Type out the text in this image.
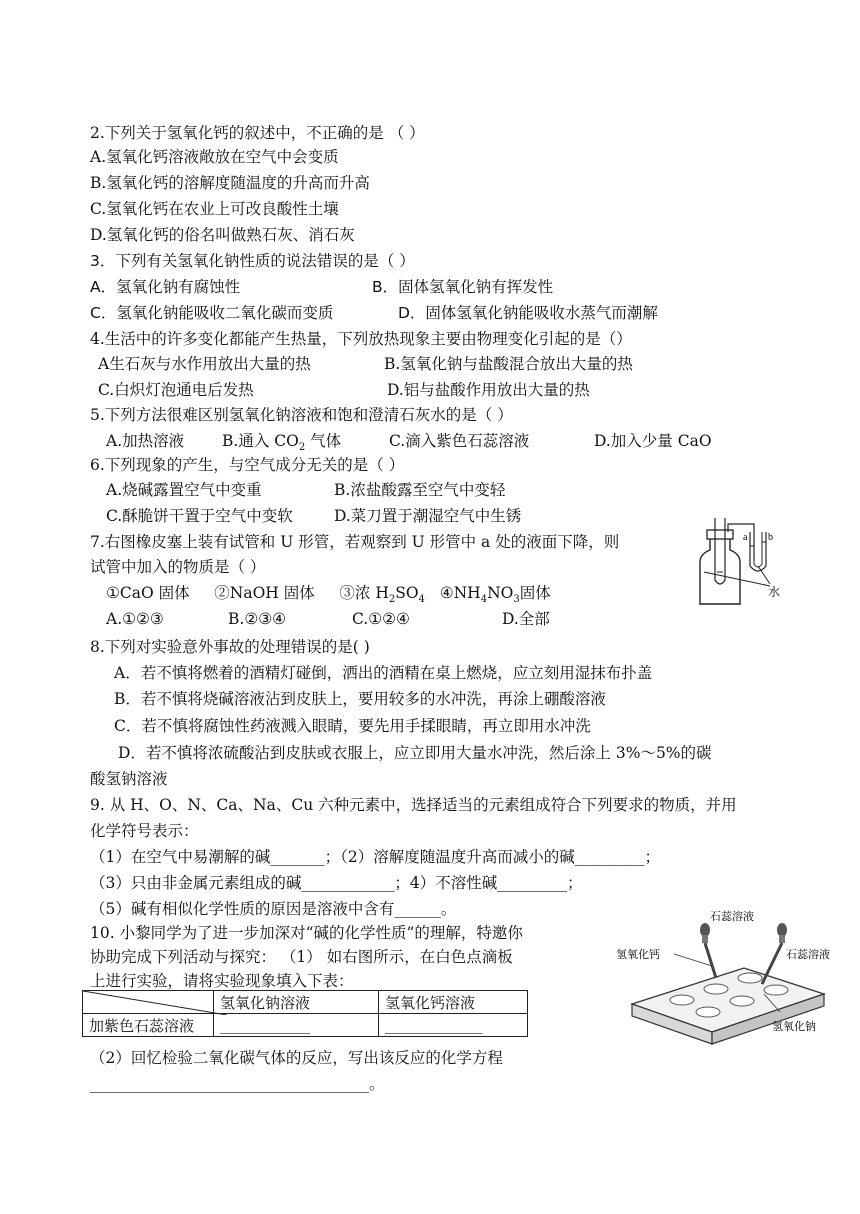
2.下列关于氢氧化钙的叙述中，不正确的是 （ ）
A.氢氧化钙溶液敞放在空气中会变质
B.氢氧化钙的溶解度随温度的升高而升高
C.氢氧化钙在农业上可改良酸性土壤
D.氢氧化钙的俗名叫做熟石灰、消石灰
3．下列有关氢氧化钠性质的说法错误的是（ ）
A．氢氧化钠有腐蚀性	B．固体氢氧化钠有挥发性
C．氢氧化钠能吸收二氧化碳而变质	D．固体氢氧化钠能吸收水蒸气而潮解
4.生活中的许多变化都能产生热量，下列放热现象主要由物理变化引起的是（）
A生石灰与水作用放出大量的热	B.氢氧化钠与盐酸混合放出大量的热
C.白炽灯泡通电后发热	D.铝与盐酸作用放出大量的热
5.下列方法很难区别氢氧化钠溶液和饱和澄清石灰水的是（ ）
A.加热溶液 B.通入 $CO_2$ 气体	C.滴入紫色石蕊溶液	D.加入少量 CaO
6.下列现象的产生，与空气成分无关的是（ ）
A.烧碱露置空气中变重	B.浓盐酸露至空气中变轻
C.酥脆饼干置于空气中变软	D.菜刀置于潮湿空气中生锈
7.右图橡皮塞上装有试管和 U 形管，若观察到 U 形管中 a 处的液面下降，则
试管中加入的物质是（ ）
①CaO 固体 ②NaOH 固体 ③浓 $H_2SO_4$ $④NH_4NO_3$固体
A.①②③	B.②③④	C.①②④	D.全部
a b
水
8.下列对实验意外事故的处理错误的是( )
A．若不慎将燃着的酒精灯碰倒，洒出的酒精在桌上燃烧，应立刻用湿抹布扑盖
B．若不慎将烧碱溶液沾到皮肤上，要用较多的水冲洗，再涂上硼酸溶液
C．若不慎将腐蚀性药液溅入眼睛，要先用手揉眼睛，再立即用水冲洗
D．若不慎将浓硫酸沾到皮肤或衣服上，应立即用大量水冲洗，然后涂上 3%～5%的碳
酸氢钠溶液
9. 从 H、O、N、Ca、Na、Cu 六种元素中，选择适当的元素组成符合下列要求的物质，并用
化学符号表示：
（1）在空气中易潮解的碱_______；（2）溶解度随温度升高而减小的碱_________；
（3）只由非金属元素组成的碱____________；4）不溶性碱_________；
（5）碱有相似化学性质的原因是溶液中含有______。
10. 小黎同学为了进一步加深对“碱的化学性质”的理解，特邀你
协助完成下列活动与探究： （1） 如右图所示，在白色点滴板
上进行实验，请将实验现象填入下表：
	氢氧化钠溶液	氢氧化钙溶液
加紫色石蕊溶液	____________	_____________
（2）回忆检验二氧化碳气体的反应，写出该反应的化学方程
____________________________________。
石蕊溶液
石蕊溶液
氢氧化钙
氢氧化钠
